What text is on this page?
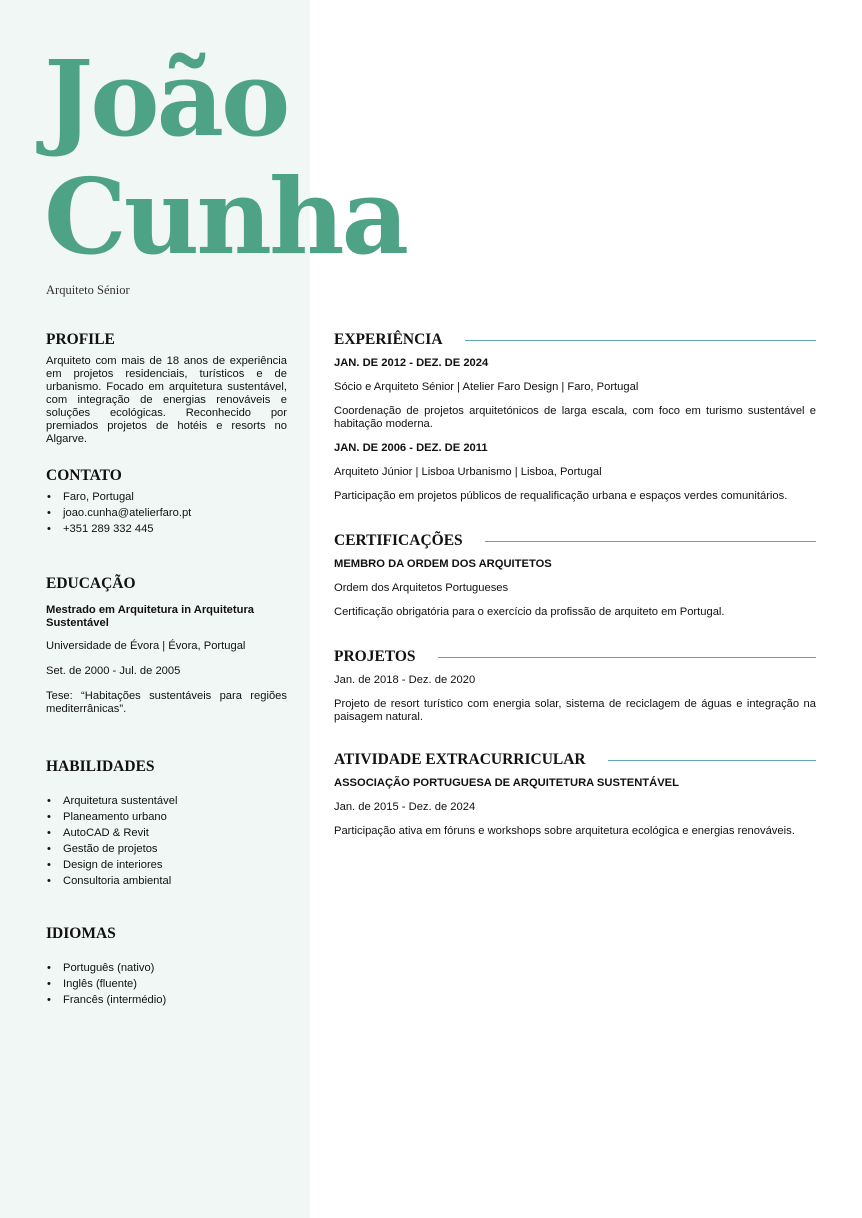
João
Cunha
Arquiteto Sénior
PROFILE

Arquiteto com mais de 18 anos de experiência em projetos residenciais, turísticos e de urbanismo. Focado em arquitetura sustentável, com integração de energias renováveis e soluções ecológicas. Reconhecido por premiados projetos de hotéis e resorts no Algarve.

CONTATO
• Faro, Portugal
• joao.cunha@atelierfaro.pt
• +351 289 332 445
EDUCAÇÃO

Mestrado em Arquitetura in Arquitetura Sustentável

Universidade de Évora | Évora, Portugal

Set. de 2000 - Jul. de 2005

Tese: “Habitações sustentáveis para regiões mediterrânicas”.

HABILIDADES
• Arquitetura sustentável
• Planeamento urbano
• AutoCAD & Revit
• Gestão de projetos
• Design de interiores
• Consultoria ambiental
IDIOMAS
• Português (nativo)
• Inglês (fluente)
• Francês (intermédio)
EXPERIÊNCIA

JAN. DE 2012 - DEZ. DE 2024

Sócio e Arquiteto Sénior | Atelier Faro Design | Faro, Portugal

Coordenação de projetos arquitetónicos de larga escala, com foco em turismo sustentável e habitação moderna.

JAN. DE 2006 - DEZ. DE 2011

Arquiteto Júnior | Lisboa Urbanismo | Lisboa, Portugal

Participação em projetos públicos de requalificação urbana e espaços verdes comunitários.

CERTIFICAÇÕES

MEMBRO DA ORDEM DOS ARQUITETOS

Ordem dos Arquitetos Portugueses

Certificação obrigatória para o exercício da profissão de arquiteto em Portugal.

PROJETOS

Jan. de 2018 - Dez. de 2020

Projeto de resort turístico com energia solar, sistema de reciclagem de águas e integração na paisagem natural.

ATIVIDADE EXTRACURRICULAR

ASSOCIAÇÃO PORTUGUESA DE ARQUITETURA SUSTENTÁVEL

Jan. de 2015 - Dez. de 2024

Participação ativa em fóruns e workshops sobre arquitetura ecológica e energias renováveis.
